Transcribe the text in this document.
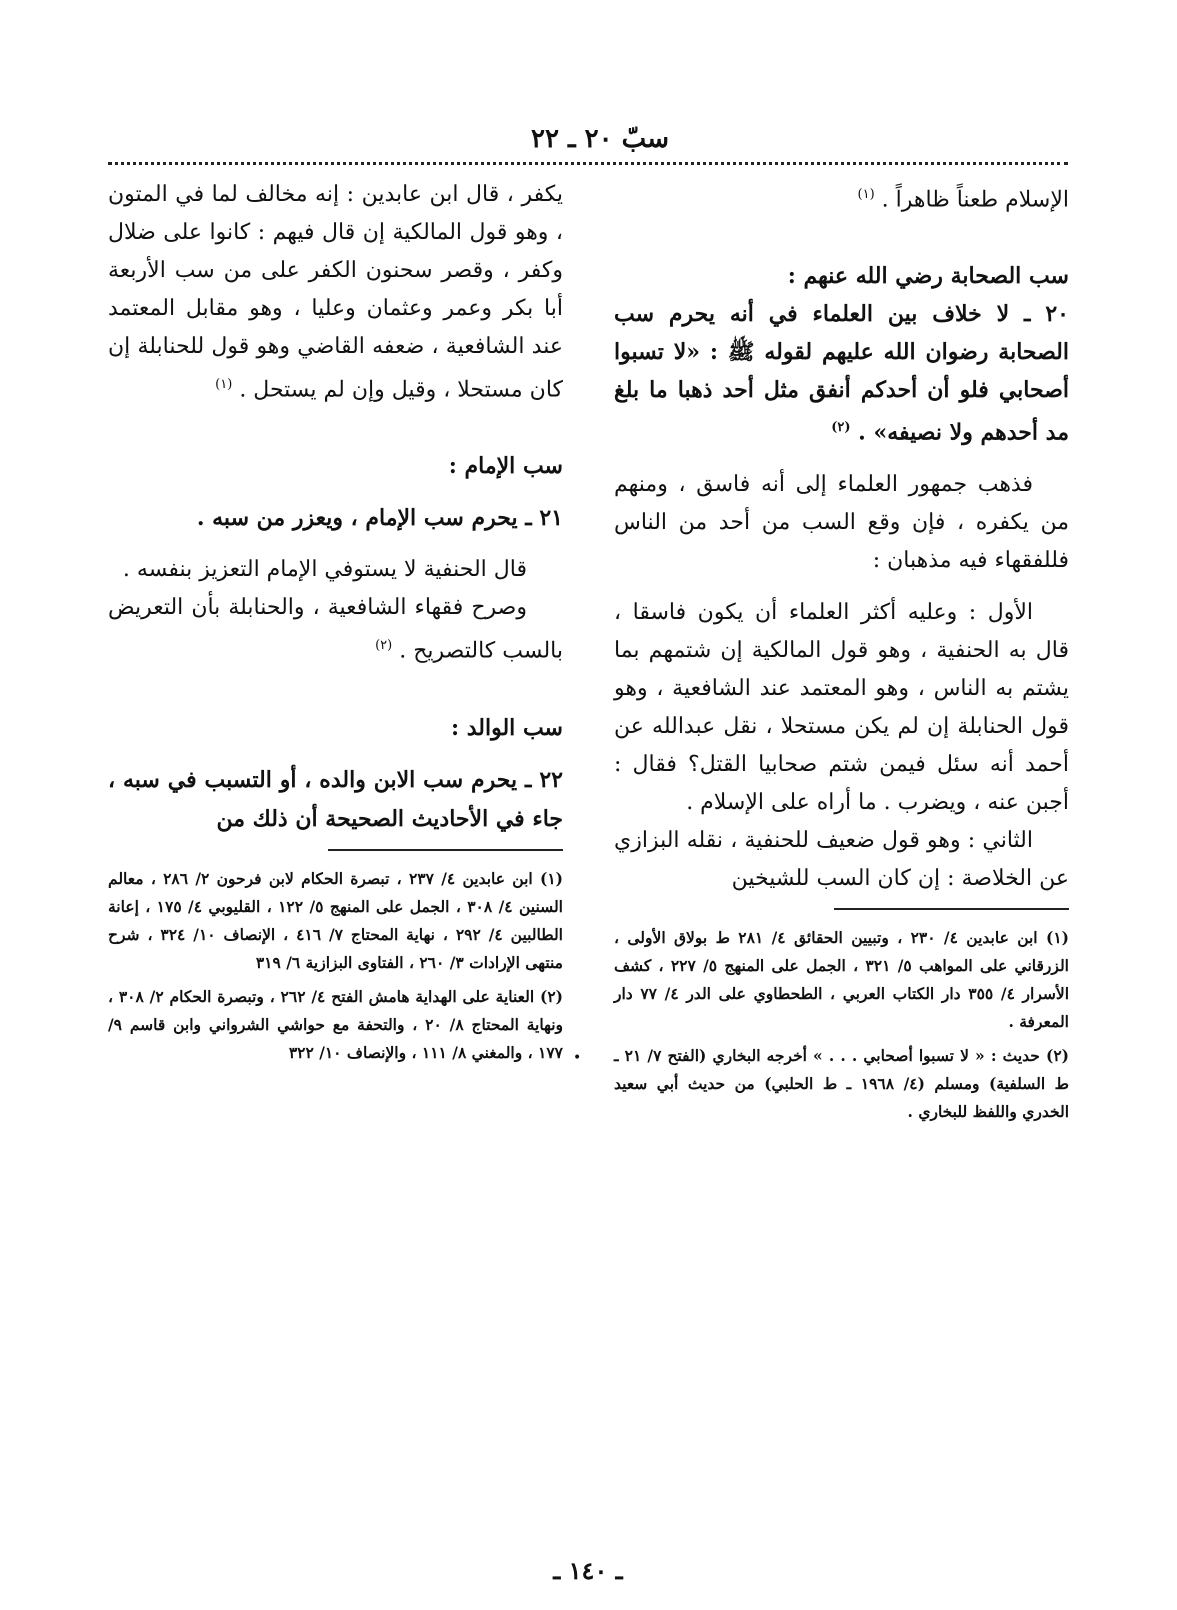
سبّ ٢٠ ـ ٢٢

الإسلام طعناً ظاهراً . $^{(١)}$

سب الصحابة رضي الله عنهم :

٢٠ ـ لا خلاف بين العلماء في أنه يحرم سب الصحابة رضوان الله عليهم لقوله ﷺ : «لا تسبوا أصحابي فلو أن أحدكم أنفق مثل أحد ذهبا ما بلغ مد أحدهم ولا نصيفه» . $^{(٢)}$

فذهب جمهور العلماء إلى أنه فاسق ، ومنهم من يكفره ، فإن وقع السب من أحد من الناس فللفقهاء فيه مذهبان :

الأول : وعليه أكثر العلماء أن يكون فاسقا ، قال به الحنفية ، وهو قول المالكية إن شتمهم بما يشتم به الناس ، وهو المعتمد عند الشافعية ، وهو قول الحنابلة إن لم يكن مستحلا ، نقل عبدالله عن أحمد أنه سئل فيمن شتم صحابيا القتل؟ فقال : أجبن عنه ، ويضرب . ما أراه على الإسلام .

الثاني : وهو قول ضعيف للحنفية ، نقله البزازي عن الخلاصة : إن كان السب للشيخين

(١) ابن عابدين ٤/ ٢٣٠ ، وتبيين الحقائق ٤/ ٢٨١ ط بولاق الأولى ، الزرقاني على المواهب ٥/ ٣٢١ ، الجمل على المنهج ٥/ ٢٢٧ ، كشف الأسرار ٤/ ٣٥٥ دار الكتاب العربي ، الطحطاوي على الدر ٤/ ٧٧ دار المعرفة .

(٢) حديث : « لا تسبوا أصحابي . . . » أخرجه البخاري (الفتح ٧/ ٢١ ـ ط السلفية) ومسلم (٤/ ١٩٦٨ ـ ط الحلبي) من حديث أبي سعيد الخدري واللفظ للبخاري .

يكفر ، قال ابن عابدين : إنه مخالف لما في المتون ، وهو قول المالكية إن قال فيهم : كانوا على ضلال وكفر ، وقصر سحنون الكفر على من سب الأربعة أبا بكر وعمر وعثمان وعليا ، وهو مقابل المعتمد عند الشافعية ، ضعفه القاضي وهو قول للحنابلة إن كان مستحلا ، وقيل وإن لم يستحل . $^{(١)}$

سب الإمام :

٢١ ـ يحرم سب الإمام ، ويعزر من سبه .

قال الحنفية لا يستوفي الإمام التعزيز بنفسه .

وصرح فقهاء الشافعية ، والحنابلة بأن التعريض بالسب كالتصريح . $^{(٢)}$

سب الوالد :

٢٢ ـ يحرم سب الابن والده ، أو التسبب في سبه ، جاء في الأحاديث الصحيحة أن ذلك من

(١) ابن عابدين ٤/ ٢٣٧ ، تبصرة الحكام لابن فرحون ٢/ ٢٨٦ ، معالم السنين ٤/ ٣٠٨ ، الجمل على المنهج ٥/ ١٢٢ ، القليوبي ٤/ ١٧٥ ، إعانة الطالبين ٤/ ٢٩٢ ، نهاية المحتاج ٧/ ٤١٦ ، الإنصاف ١٠/ ٣٢٤ ، شرح منتهى الإرادات ٣/ ٢٦٠ ، الفتاوى البزازية ٦/ ٣١٩

(٢) العناية على الهداية هامش الفتح ٤/ ٢٦٢ ، وتبصرة الحكام ٢/ ٣٠٨ ، ونهاية المحتاج ٨/ ٢٠ ، والتحفة مع حواشي الشرواني وابن قاسم ٩/ ١٧٧ ، والمغني ٨/ ١١١ ، والإنصاف ١٠/ ٣٢٢ •
ـ ١٤٠ ـ
